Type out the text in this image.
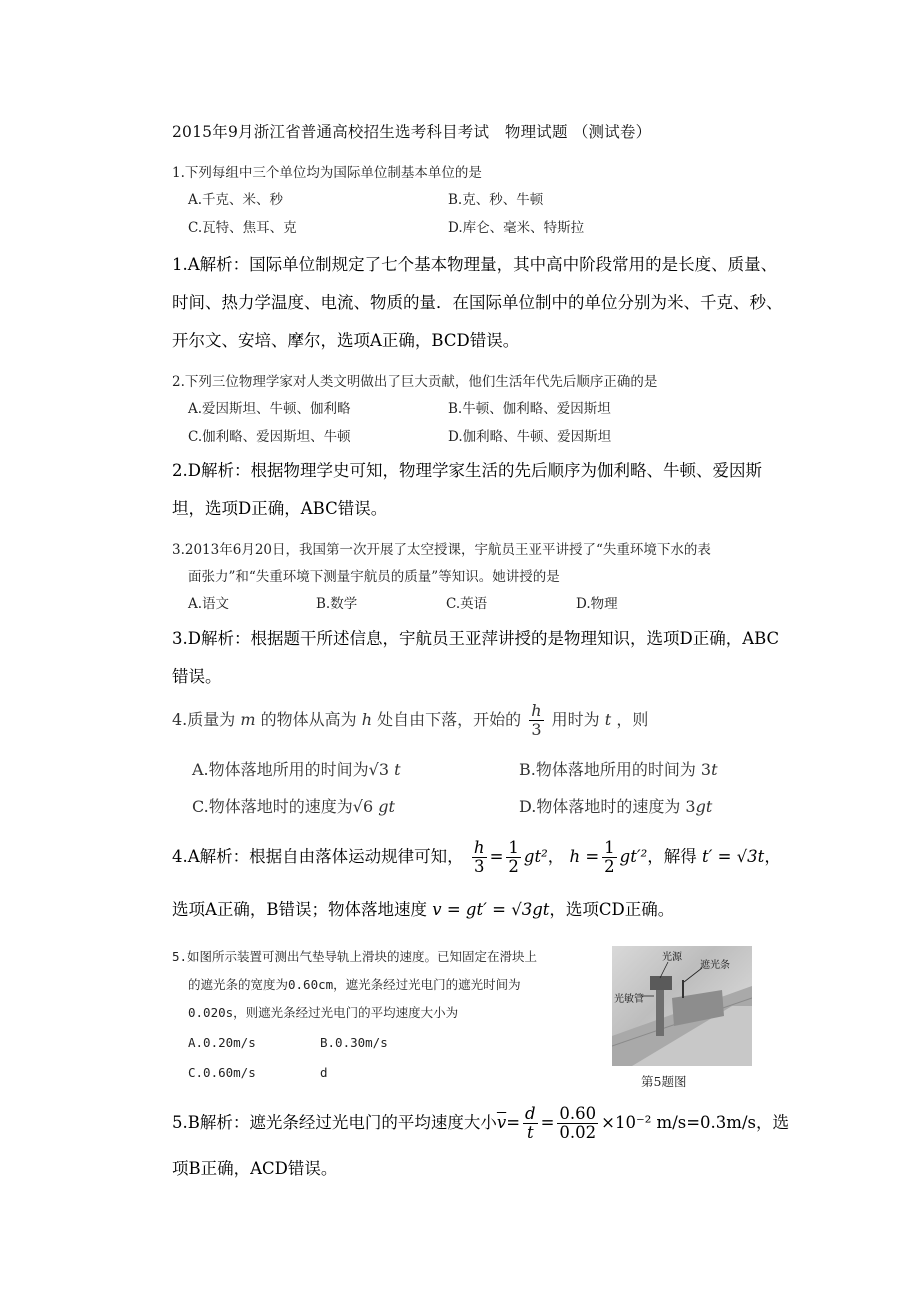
2015年9月浙江省普通高校招生选考科目考试　物理试题 （测试卷）
1.下列每组中三个单位均为国际单位制基本单位的是
A.千克、米、秒	B.克、秒、牛顿
C.瓦特、焦耳、克	D.库仑、毫米、特斯拉
1.A解析：国际单位制规定了七个基本物理量，其中高中阶段常用的是长度、质量、
时间、热力学温度、电流、物质的量．在国际单位制中的单位分别为米、千克、秒、
开尔文、安培、摩尔，选项A正确，BCD错误。
2.下列三位物理学家对人类文明做出了巨大贡献，他们生活年代先后顺序正确的是
A.爱因斯坦、牛顿、伽利略	B.牛顿、伽利略、爱因斯坦
C.伽利略、爱因斯坦、牛顿	D.伽利略、牛顿、爱因斯坦
2.D解析：根据物理学史可知，物理学家生活的先后顺序为伽利略、牛顿、爱因斯
坦，选项D正确，ABC错误。
3.2013年6月20日，我国第一次开展了太空授课，宇航员王亚平讲授了“失重环境下水的表
面张力”和“失重环境下测量宇航员的质量”等知识。她讲授的是
A.语文	B.数学	C.英语	D.物理
3.D解析：根据题干所述信息，宇航员王亚萍讲授的是物理知识，选项D正确，ABC
错误。
4.质量为 m 的物体从高为 h 处自由下落，开始的 $\frac{h}{3}$ 用时为 t ，则
A.物体落地所用的时间为√3 t	B.物体落地所用的时间为 3t
C.物体落地时的速度为√6 gt	D.物体落地时的速度为 3gt
4.A解析：根据自由落体运动规律可知， $\frac{h}{3} = \frac{1}{2} gt^2$， $h = \frac{1}{2} gt'^2$，解得 t′ = √3t，
选项A正确，B错误；物体落地速度 v = gt′ = √3gt，选项CD正确。
5.如图所示装置可测出气垫导轨上滑块的速度。已知固定在滑块上
的遮光条的宽度为0.60cm，遮光条经过光电门的遮光时间为
0.020s，则遮光条经过光电门的平均速度大小为
A.0.20m/s	B.0.30m/s
C.0.60m/s	d
光源
遮光条
光敏管
第5题图
5.B解析：遮光条经过光电门的平均速度大小$\overline{v}= \frac{d}{t} = \frac{0.60}{0.02} \times 10^{-2}$ m/s=0.3m/s，选
项B正确，ACD错误。
